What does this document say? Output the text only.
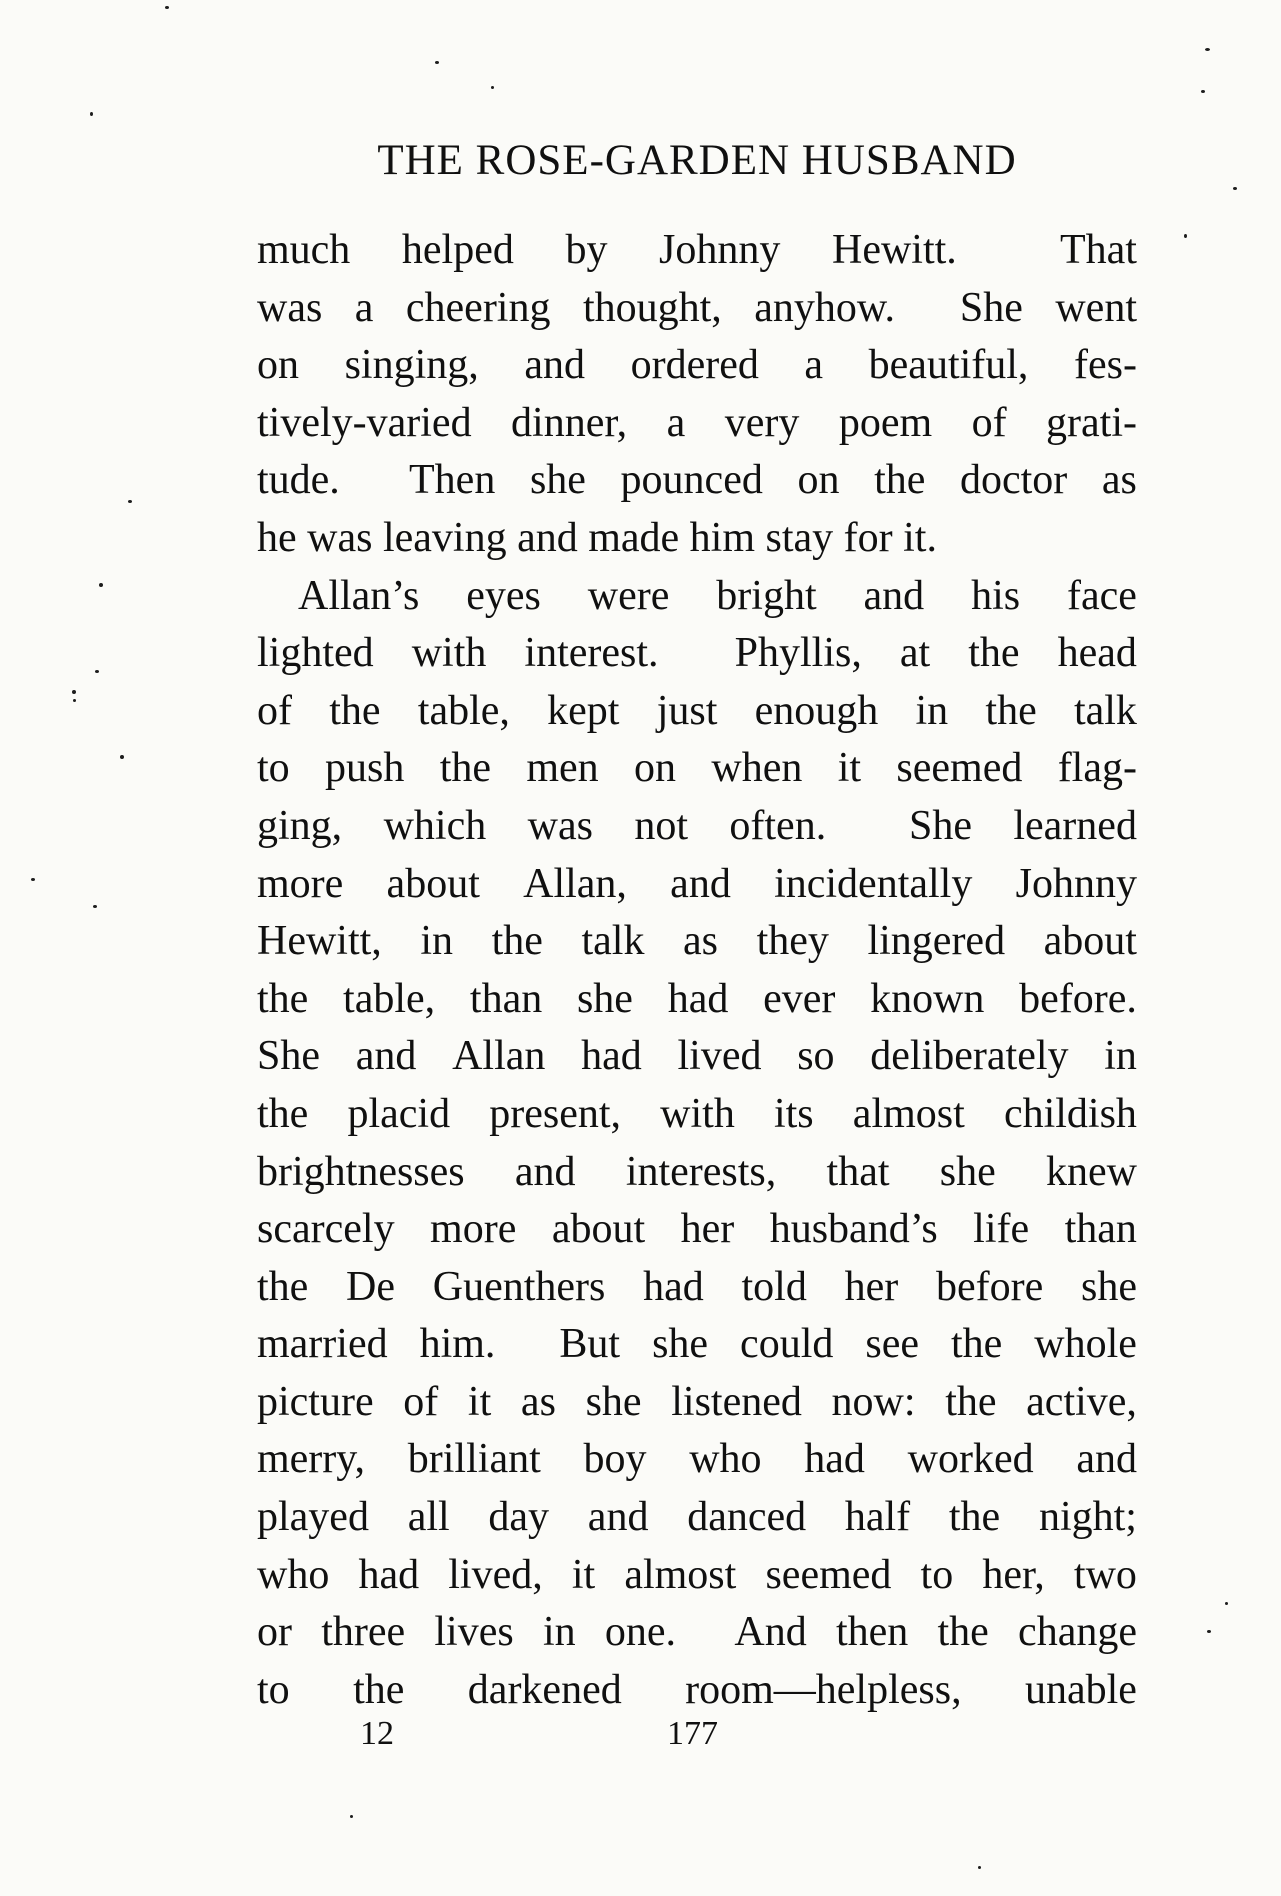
THE ROSE-GARDEN HUSBAND
much helped by Johnny Hewitt. That
was a cheering thought, anyhow. She went
on singing, and ordered a beautiful, fes-
tively-varied dinner, a very poem of grati-
tude. Then she pounced on the doctor as
he was leaving and made him stay for it.
Allan’s eyes were bright and his face
lighted with interest. Phyllis, at the head
of the table, kept just enough in the talk
to push the men on when it seemed flag-
ging, which was not often. She learned
more about Allan, and incidentally Johnny
Hewitt, in the talk as they lingered about
the table, than she had ever known before.
She and Allan had lived so deliberately in
the placid present, with its almost childish
brightnesses and interests, that she knew
scarcely more about her husband’s life than
the De Guenthers had told her before she
married him. But she could see the whole
picture of it as she listened now: the active,
merry, brilliant boy who had worked and
played all day and danced half the night;
who had lived, it almost seemed to her, two
or three lives in one. And then the change
to the darkened room—helpless, unable
12	177
